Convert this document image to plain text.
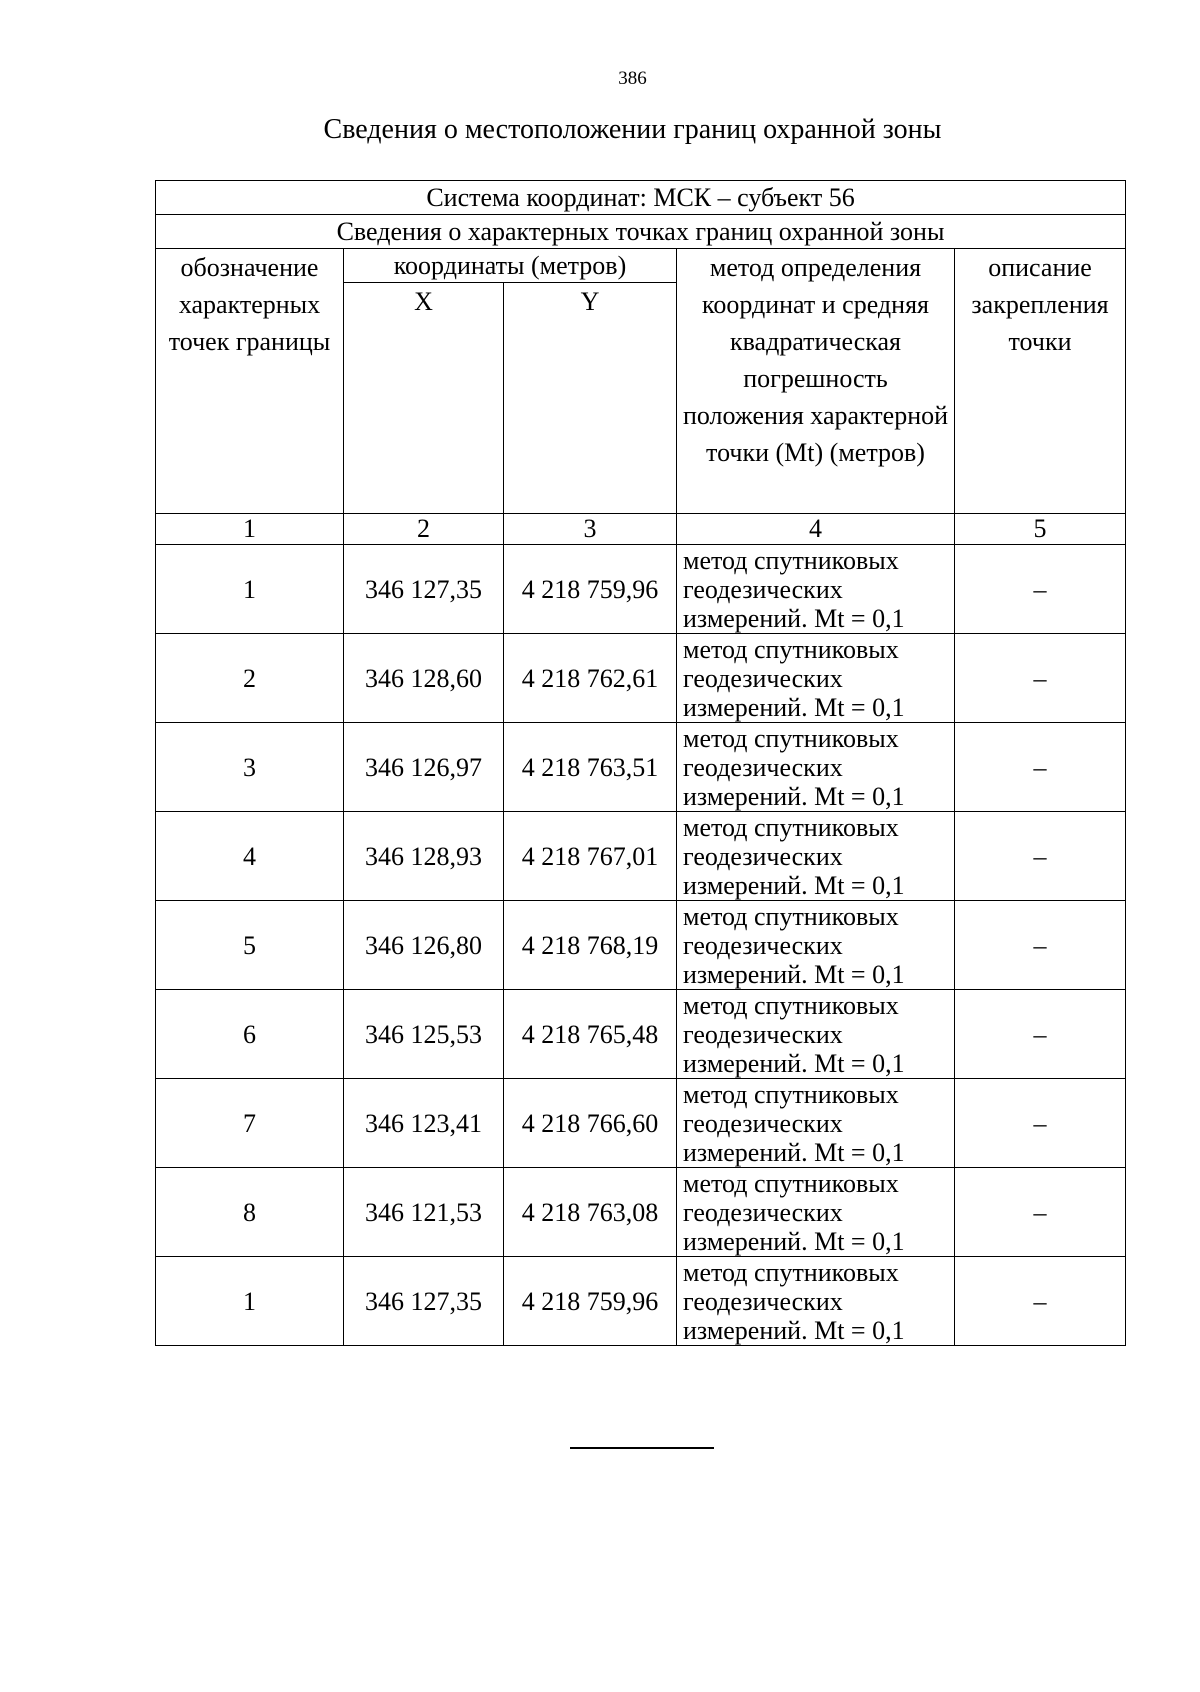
386
Сведения о местоположении границ охранной зоны
Система координат: МСК – субъект 56				
Сведения о характерных точках границ охранной зоны				
обозначение характерных точек границы	координаты (метров)		метод определения координат и средняя квадратическая погрешность положения характерной точки (Mt) (метров)	описание закрепления точки
	X	Y		
1	2	3	4	5
1	346 127,35	4 218 759,96	метод спутниковых геодезических измерений. Mt = 0,1	–
2	346 128,60	4 218 762,61	метод спутниковых геодезических измерений. Mt = 0,1	–
3	346 126,97	4 218 763,51	метод спутниковых геодезических измерений. Mt = 0,1	–
4	346 128,93	4 218 767,01	метод спутниковых геодезических измерений. Mt = 0,1	–
5	346 126,80	4 218 768,19	метод спутниковых геодезических измерений. Mt = 0,1	–
6	346 125,53	4 218 765,48	метод спутниковых геодезических измерений. Mt = 0,1	–
7	346 123,41	4 218 766,60	метод спутниковых геодезических измерений. Mt = 0,1	–
8	346 121,53	4 218 763,08	метод спутниковых геодезических измерений. Mt = 0,1	–
1	346 127,35	4 218 759,96	метод спутниковых геодезических измерений. Mt = 0,1	–
